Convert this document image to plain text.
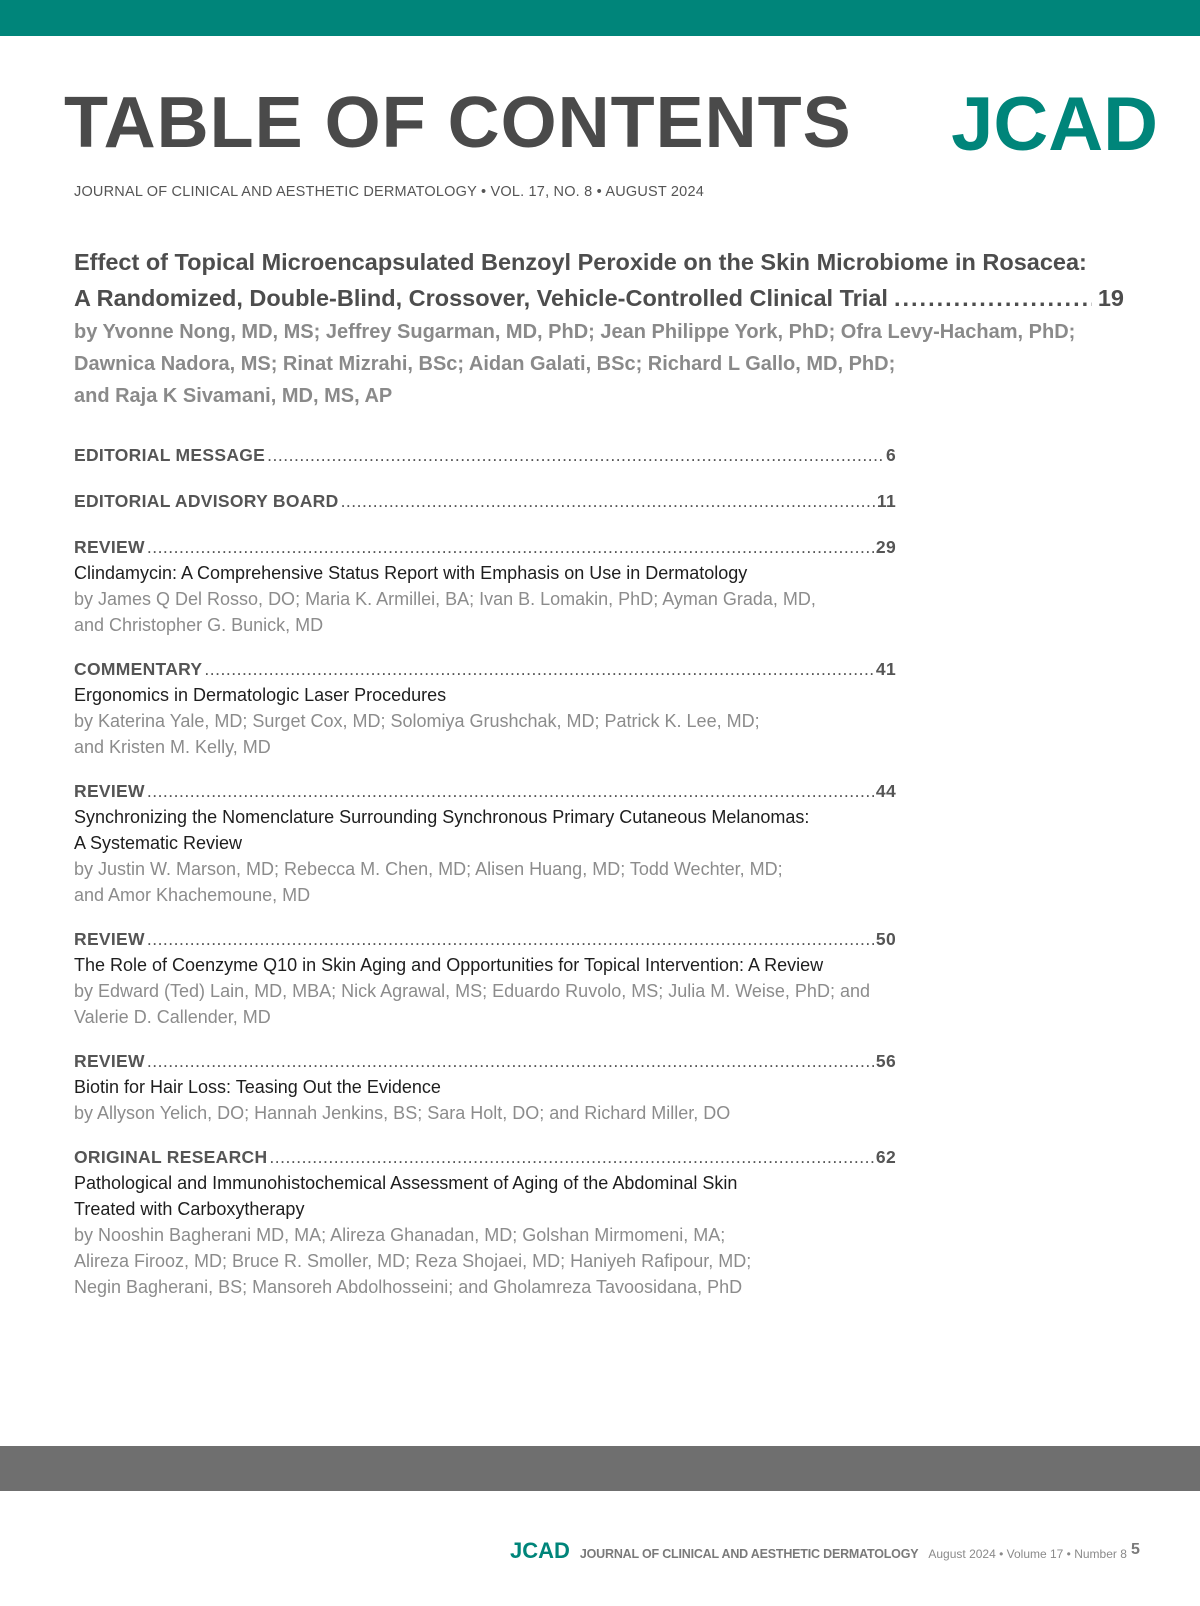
TABLE OF CONTENTS JCAD
JOURNAL OF CLINICAL AND AESTHETIC DERMATOLOGY • VOL. 17, NO. 8 • AUGUST 2024
Effect of Topical Microencapsulated Benzoyl Peroxide on the Skin Microbiome in Rosacea:
A Randomized, Double-Blind, Crossover, Vehicle-Controlled Clinical Trial .....	19
by Yvonne Nong, MD, MS; Jeffrey Sugarman, MD, PhD; Jean Philippe York, PhD; Ofra Levy-Hacham, PhD;
Dawnica Nadora, MS; Rinat Mizrahi, BSc; Aidan Galati, BSc; Richard L Gallo, MD, PhD;
and Raja K Sivamani, MD, MS, AP
EDITORIAL MESSAGE .....	6
EDITORIAL ADVISORY BOARD .....	11
REVIEW .....	29
Clindamycin: A Comprehensive Status Report with Emphasis on Use in Dermatology
by James Q Del Rosso, DO; Maria K. Armillei, BA; Ivan B. Lomakin, PhD; Ayman Grada, MD,
and Christopher G. Bunick, MD
COMMENTARY .....	41
Ergonomics in Dermatologic Laser Procedures
by Katerina Yale, MD; Surget Cox, MD; Solomiya Grushchak, MD; Patrick K. Lee, MD;
and Kristen M. Kelly, MD
REVIEW .....	44
Synchronizing the Nomenclature Surrounding Synchronous Primary Cutaneous Melanomas:
A Systematic Review
by Justin W. Marson, MD; Rebecca M. Chen, MD; Alisen Huang, MD; Todd Wechter, MD;
and Amor Khachemoune, MD
REVIEW .....	50
The Role of Coenzyme Q10 in Skin Aging and Opportunities for Topical Intervention: A Review
by Edward (Ted) Lain, MD, MBA; Nick Agrawal, MS; Eduardo Ruvolo, MS; Julia M. Weise, PhD; and
Valerie D. Callender, MD
REVIEW .....	56
Biotin for Hair Loss: Teasing Out the Evidence
by Allyson Yelich, DO; Hannah Jenkins, BS; Sara Holt, DO; and Richard Miller, DO
ORIGINAL RESEARCH .....	62
Pathological and Immunohistochemical Assessment of Aging of the Abdominal Skin
Treated with Carboxytherapy
by Nooshin Bagherani MD, MA; Alireza Ghanadan, MD; Golshan Mirmomeni, MA;
Alireza Firooz, MD; Bruce R. Smoller, MD; Reza Shojaei, MD; Haniyeh Rafipour, MD;
Negin Bagherani, BS; Mansoreh Abdolhosseini; and Gholamreza Tavoosidana, PhD
JCAD JOURNAL OF CLINICAL AND AESTHETIC DERMATOLOGY August 2024 • Volume 17 • Number 8 5
